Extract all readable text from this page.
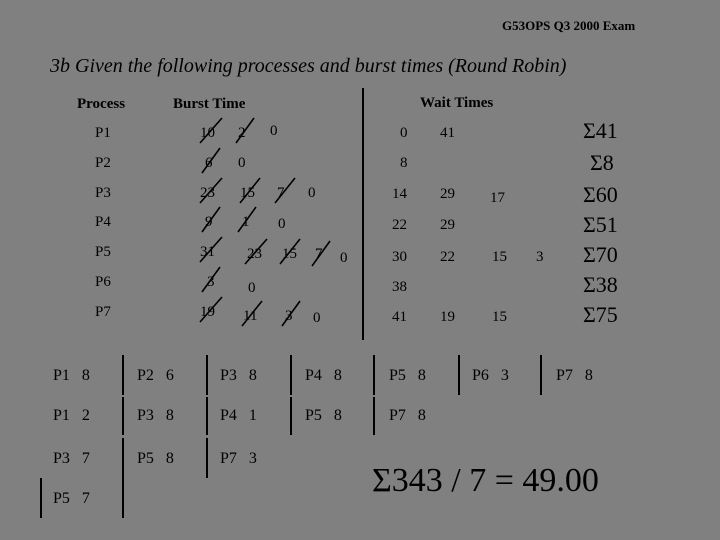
G53OPS Q3 2000 Exam
3b Given the following processes and burst times (Round Robin)
Process	Burst Time	Wait Times
P1	10 2 0	0 41	Σ41
P2	6 0	8	Σ8
P3	23 15 7 0	14 29 17	Σ60
P4	9 1 0	22 29	Σ51
P5	31 23 15 7 0	30 22 15 3 Σ70
P6	3 0	38	Σ38
P7	19 11 3 0	41 19 15	Σ75
P1 8	P2 6	P3 8	P4 8	P5 8	P6 3	P7 8
P1 2	P3 8	P4 1	P5 8	P7 8
P3 7	P5 8	P7 3
P5 7	Σ343 / 7 = 49.00
